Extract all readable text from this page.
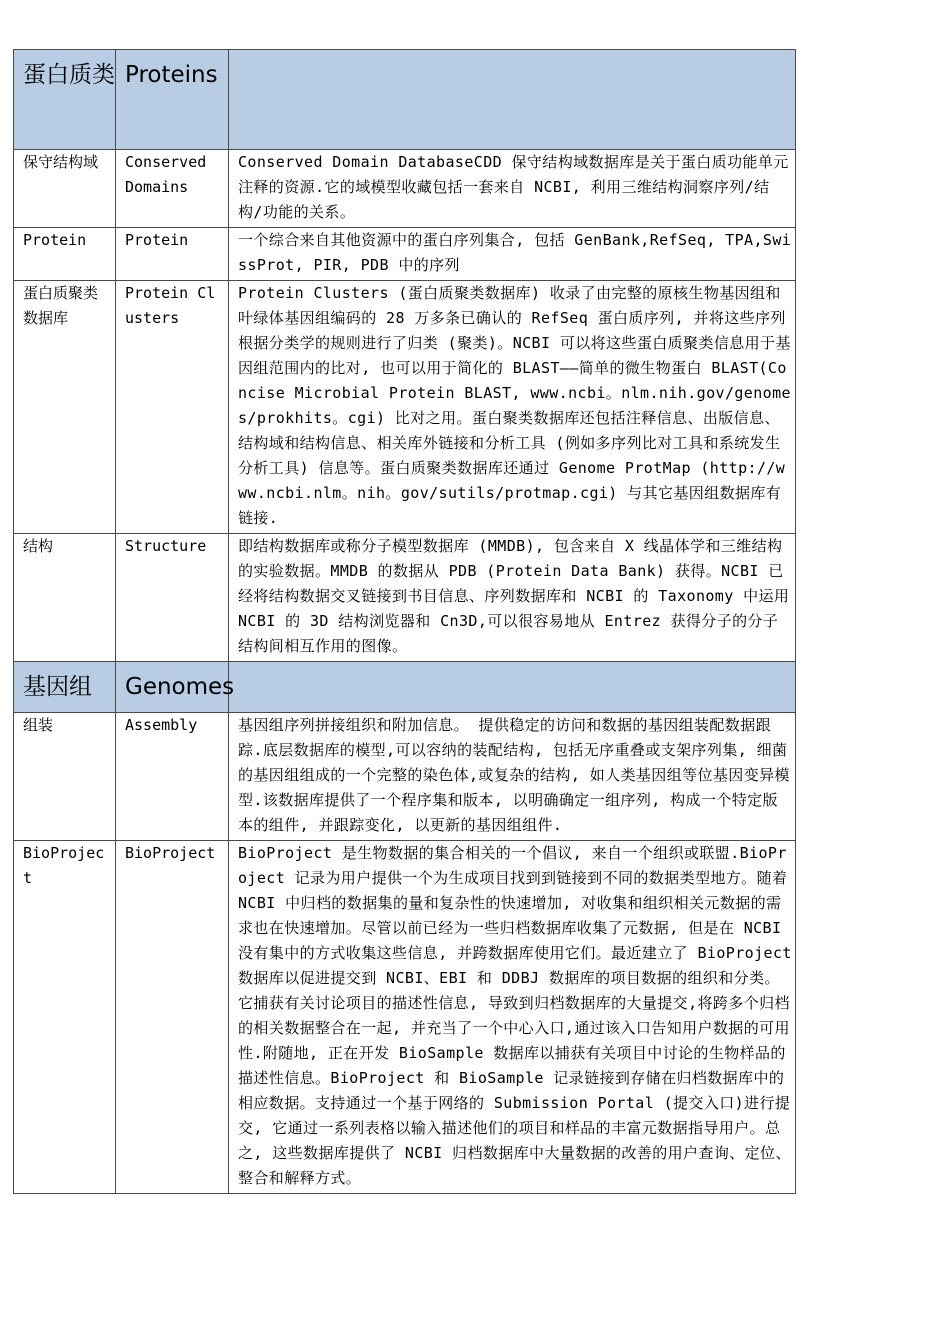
蛋白质类	Proteins	
保守结构域	Conserved Domains	Conserved Domain DatabaseCDD 保守结构域数据库是关于蛋白质功能单元注释的资源.它的域模型收藏包括一套来自 NCBI, 利用三维结构洞察序列/结构/功能的关系。
Protein	Protein	一个综合来自其他资源中的蛋白序列集合, 包括 GenBank,RefSeq, TPA,SwissProt, PIR, PDB 中的序列
蛋白质聚类数据库	Protein Clusters	Protein Clusters (蛋白质聚类数据库) 收录了由完整的原核生物基因组和叶绿体基因组编码的 28 万多条已确认的 RefSeq 蛋白质序列, 并将这些序列根据分类学的规则进行了归类 (聚类)。NCBI 可以将这些蛋白质聚类信息用于基因组范围内的比对, 也可以用于简化的 BLAST——简单的微生物蛋白 BLAST(Concise Microbial Protein BLAST, www.ncbi。nlm.nih.gov/genomes/prokhits。cgi) 比对之用。蛋白聚类数据库还包括注释信息、出版信息、结构域和结构信息、相关库外链接和分析工具 (例如多序列比对工具和系统发生分析工具) 信息等。蛋白质聚类数据库还通过 Genome ProtMap (http://www.ncbi.nlm。nih。gov/sutils/protmap.cgi) 与其它基因组数据库有链接.
结构	Structure	即结构数据库或称分子模型数据库 (MMDB), 包含来自 X 线晶体学和三维结构的实验数据。MMDB 的数据从 PDB (Protein Data Bank) 获得。NCBI 已经将结构数据交叉链接到书目信息、序列数据库和 NCBI 的 Taxonomy 中运用 NCBI 的 3D 结构浏览器和 Cn3D,可以很容易地从 Entrez 获得分子的分子结构间相互作用的图像。
基因组	Genomes	
组装	Assembly	基因组序列拼接组织和附加信息。 提供稳定的访问和数据的基因组装配数据跟踪.底层数据库的模型,可以容纳的装配结构, 包括无序重叠或支架序列集, 细菌的基因组组成的一个完整的染色体,或复杂的结构, 如人类基因组等位基因变异模型.该数据库提供了一个程序集和版本, 以明确确定一组序列, 构成一个特定版本的组件, 并跟踪变化, 以更新的基因组组件.
BioProject	BioProject	BioProject 是生物数据的集合相关的一个倡议, 来自一个组织或联盟.BioProject 记录为用户提供一个为生成项目找到到链接到不同的数据类型地方。随着 NCBI 中归档的数据集的量和复杂性的快速增加, 对收集和组织相关元数据的需求也在快速增加。尽管以前已经为一些归档数据库收集了元数据, 但是在 NCBI 没有集中的方式收集这些信息, 并跨数据库使用它们。最近建立了 BioProject 数据库以促进提交到 NCBI、EBI 和 DDBJ 数据库的项目数据的组织和分类。它捕获有关讨论项目的描述性信息, 导致到归档数据库的大量提交,将跨多个归档的相关数据整合在一起, 并充当了一个中心入口,通过该入口告知用户数据的可用性.附随地, 正在开发 BioSample 数据库以捕获有关项目中讨论的生物样品的描述性信息。BioProject 和 BioSample 记录链接到存储在归档数据库中的相应数据。支持通过一个基于网络的 Submission Portal (提交入口)进行提交, 它通过一系列表格以输入描述他们的项目和样品的丰富元数据指导用户。总之, 这些数据库提供了 NCBI 归档数据库中大量数据的改善的用户查询、定位、整合和解释方式。
